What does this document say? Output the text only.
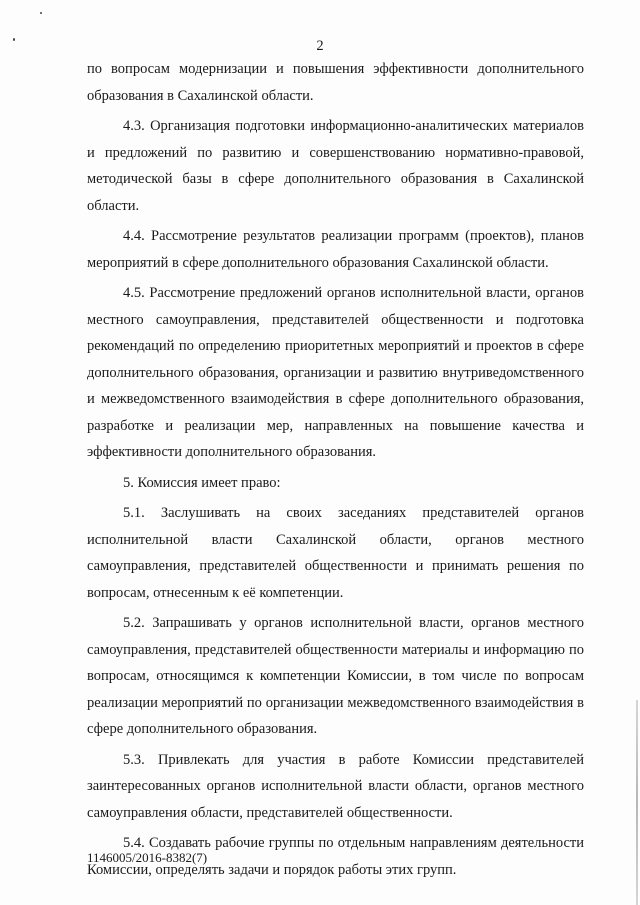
2

по вопросам модернизации и повышения эффективности дополнительного образования в Сахалинской области.

4.3. Организация подготовки информационно-аналитических материалов и предложений по развитию и совершенствованию нормативно-правовой, методической базы в сфере дополнительного образования в Сахалинской области.

4.4. Рассмотрение результатов реализации программ (проектов), планов мероприятий в сфере дополнительного образования Сахалинской области.

4.5. Рассмотрение предложений органов исполнительной власти, органов местного самоуправления, представителей общественности и подготовка рекомендаций по определению приоритетных мероприятий и проектов в сфере дополнительного образования, организации и развитию внутриведомственного и межведомственного взаимодействия в сфере дополнительного образования, разработке и реализации мер, направленных на повышение качества и эффективности дополнительного образования.

5. Комиссия имеет право:

5.1. Заслушивать на своих заседаниях представителей органов исполнительной власти Сахалинской области, органов местного самоуправления, представителей общественности и принимать решения по вопросам, отнесенным к её компетенции.

5.2. Запрашивать у органов исполнительной власти, органов местного самоуправления, представителей общественности материалы и информацию по вопросам, относящимся к компетенции Комиссии, в том числе по вопросам реализации мероприятий по организации межведомственного взаимодействия в сфере дополнительного образования.

5.3. Привлекать для участия в работе Комиссии представителей заинтересованных органов исполнительной власти области, органов местного самоуправления области, представителей общественности.

5.4. Создавать рабочие группы по отдельным направлениям деятельности Комиссии, определять задачи и порядок работы этих групп.

1146005/2016-8382(7)
